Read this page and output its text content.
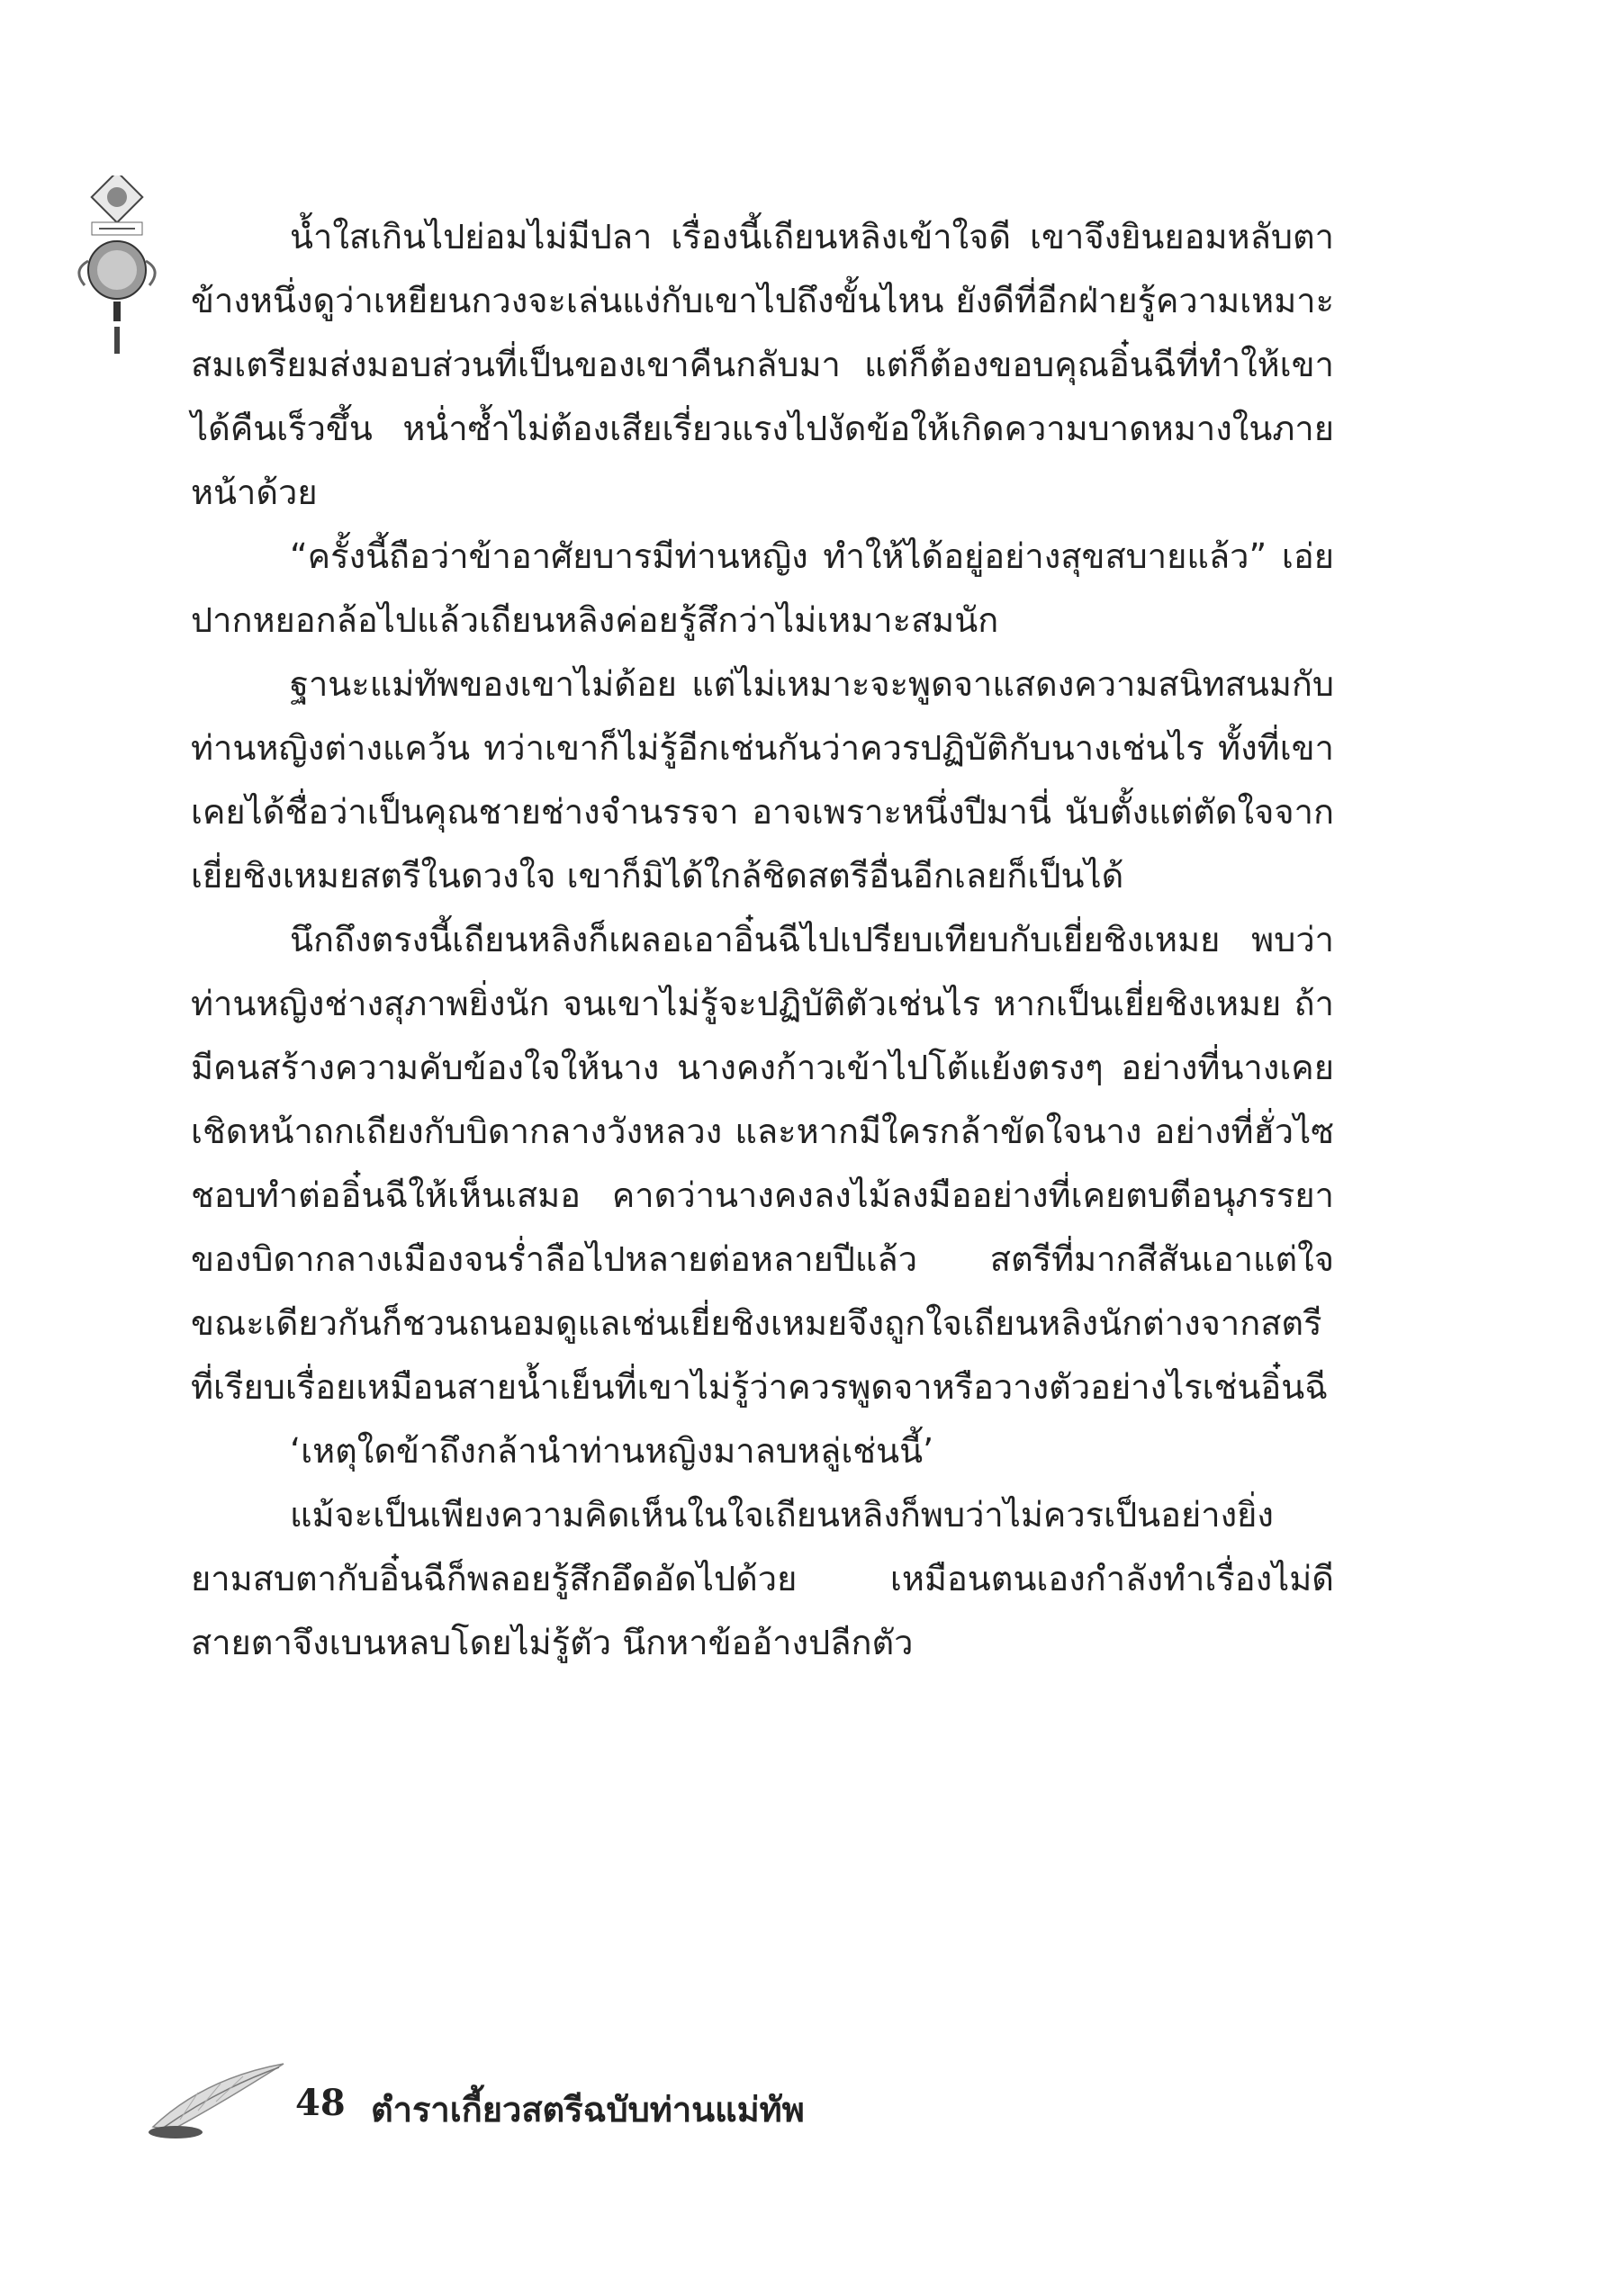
น้ำใสเกินไปย่อมไม่มีปลา เรื่องนี้เถียนหลิงเข้าใจดี เขาจึงยินยอมหลับตาข้างหนึ่งดูว่าเหยียนกวงจะเล่นแง่กับเขาไปถึงขั้นไหน ยังดีที่อีกฝ่ายรู้ความเหมาะสมเตรียมส่งมอบส่วนที่เป็นของเขาคืนกลับมา แต่ก็ต้องขอบคุณอิ๋นฉีที่ทำให้เขาได้คืนเร็วขึ้น หน่ำซ้ำไม่ต้องเสียเรี่ยวแรงไปงัดข้อให้เกิดความบาดหมางในภายหน้าด้วย

“ครั้งนี้ถือว่าข้าอาศัยบารมีท่านหญิง ทำให้ได้อยู่อย่างสุขสบายแล้ว” เอ่ยปากหยอกล้อไปแล้วเถียนหลิงค่อยรู้สึกว่าไม่เหมาะสมนัก

ฐานะแม่ทัพของเขาไม่ด้อย แต่ไม่เหมาะจะพูดจาแสดงความสนิทสนมกับท่านหญิงต่างแคว้น ทว่าเขาก็ไม่รู้อีกเช่นกันว่าควรปฏิบัติกับนางเช่นไร ทั้งที่เขาเคยได้ชื่อว่าเป็นคุณชายช่างจำนรรจา อาจเพราะหนึ่งปีมานี่ นับตั้งแต่ตัดใจจากเยี่ยชิงเหมยสตรีในดวงใจ เขาก็มิได้ใกล้ชิดสตรีอื่นอีกเลยก็เป็นได้

นึกถึงตรงนี้เถียนหลิงก็เผลอเอาอิ๋นฉีไปเปรียบเทียบกับเยี่ยชิงเหมย พบว่าท่านหญิงช่างสุภาพยิ่งนัก จนเขาไม่รู้จะปฏิบัติตัวเช่นไร หากเป็นเยี่ยชิงเหมย ถ้ามีคนสร้างความคับข้องใจให้นาง นางคงก้าวเข้าไปโต้แย้งตรงๆ อย่างที่นางเคยเชิดหน้าถกเถียงกับบิดากลางวังหลวง และหากมีใครกล้าขัดใจนาง อย่างที่ฮั่วไซชอบทำต่ออิ๋นฉีให้เห็นเสมอ คาดว่านางคงลงไม้ลงมืออย่างที่เคยตบตีอนุภรรยาของบิดากลางเมืองจนร่ำลือไปหลายต่อหลายปีแล้ว สตรีที่มากสีสันเอาแต่ใจขณะเดียวกันก็ชวนถนอมดูแลเช่นเยี่ยชิงเหมยจึงถูกใจเถียนหลิงนักต่างจากสตรีที่เรียบเรื่อยเหมือนสายน้ำเย็นที่เขาไม่รู้ว่าควรพูดจาหรือวางตัวอย่างไรเช่นอิ๋นฉี

‘เหตุใดข้าถึงกล้านำท่านหญิงมาลบหลู่เช่นนี้’

แม้จะเป็นเพียงความคิดเห็นในใจเถียนหลิงก็พบว่าไม่ควรเป็นอย่างยิ่ง ยามสบตากับอิ๋นฉีก็พลอยรู้สึกอึดอัดไปด้วย เหมือนตนเองกำลังทำเรื่องไม่ดี สายตาจึงเบนหลบโดยไม่รู้ตัว นึกหาข้ออ้างปลีกตัว

48 ตำราเกี้ยวสตรีฉบับท่านแม่ทัพ
